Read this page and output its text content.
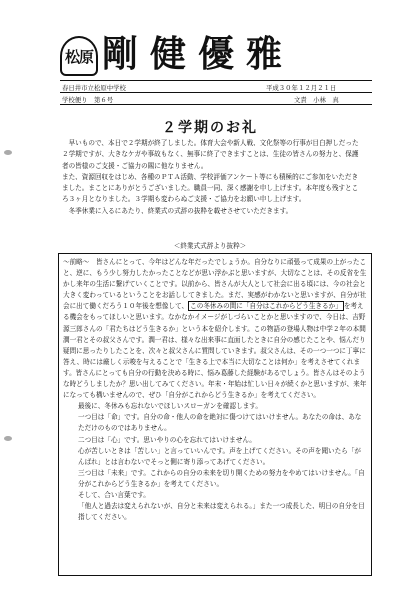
松原 剛健優雅
春日井市立松原中学校	平成３０年１２月２１日
学校便り　第６号	文責　小林　真
２学期のお礼

　早いもので、本日で２学期が終了しました。体育大会や新人戦、文化祭等の行事が目白押しだった２学期ですが、大きなケガや事故もなく、無事に終了できますことは、生徒の皆さんの努力と、保護者の皆様のご支援・ご協力の賜に他なりません。

また、資源回収をはじめ、各種のＰＴＡ活動、学校評価アンケート等にも積極的にご参加をいただきました。まことにありがとうございました。職員一同、深く感謝を申し上げます。本年度も残すところ３ヶ月となりました。３学期も変わらぬご支援・ご協力をお願い申し上げます。

　冬季休業に入るにあたり、終業式の式辞の抜粋を載せさせていただきます。

＜終業式式辞より抜粋＞

～前略～　皆さんにとって、今年はどんな年だったでしょうか。自分なりに頑張って成果の上がったこと、逆に、もう少し努力したかったことなどが思い浮かぶと思いますが、大切なことは、その反省を生かし来年の生活に繋げていくことです。以前から、皆さんが大人として社会に出る頃には、今の社会と大きく変わっているということをお話ししてきました。まだ、実感がわかないと思いますが、自分が社会に出て働くだろう１０年後を想像して、 この冬休みの間に「自分はこれからどう生きるか」 を考える機会をもってほしいと思います。なかなかイメージがしづらいことかと思いますので、今日は、吉野源三郎さんの「君たちはどう生きるか」という本を紹介します。この物語の登場人物は中学２年の本間潤一君とその叔父さんです。潤一君は、様々な出来事に直面したときに自分の感じたことや、悩んだり疑問に思ったりしたことを、次々と叔父さんに質問していきます。叔父さんは、その一つ一つに丁寧に答え、時には厳しく示唆を与えることで「生きる上で本当に大切なことは何か」を考えさせてくれます。皆さんにとっても自分の行動を決める時に、悩み葛藤した経験があるでしょう。皆さんはそのような時どうしましたか？思い出してみてください。年末・年始は忙しい日々が続くかと思いますが、来年になっても構いませんので、ぜひ「自分がこれからどう生きるか」を考えてください。

最後に、冬休みも忘れないでほしいスローガンを確認します。

一つ目は「命」です。自分の命・他人の命を絶対に傷つけてはいけません。あなたの命は、あなただけのものではありません。

二つ目は「心」です。思いやりの心を忘れてはいけません。

心が苦しいときは「苦しい」と言っていいんです。声を上げてください。その声を聞いたら「がんばれ」とは言わないでそっと側に寄り添ってあげてください。

三つ目は「未来」です。これからの自分の未来を切り開くための努力をやめてはいけません。「自分がこれからどう生きるか」を考えてください。

そして、合い言葉です。

「他人と過去は変えられないが、自分と未来は変えられる。」また一つ成長した、明日の自分を目指してください。
